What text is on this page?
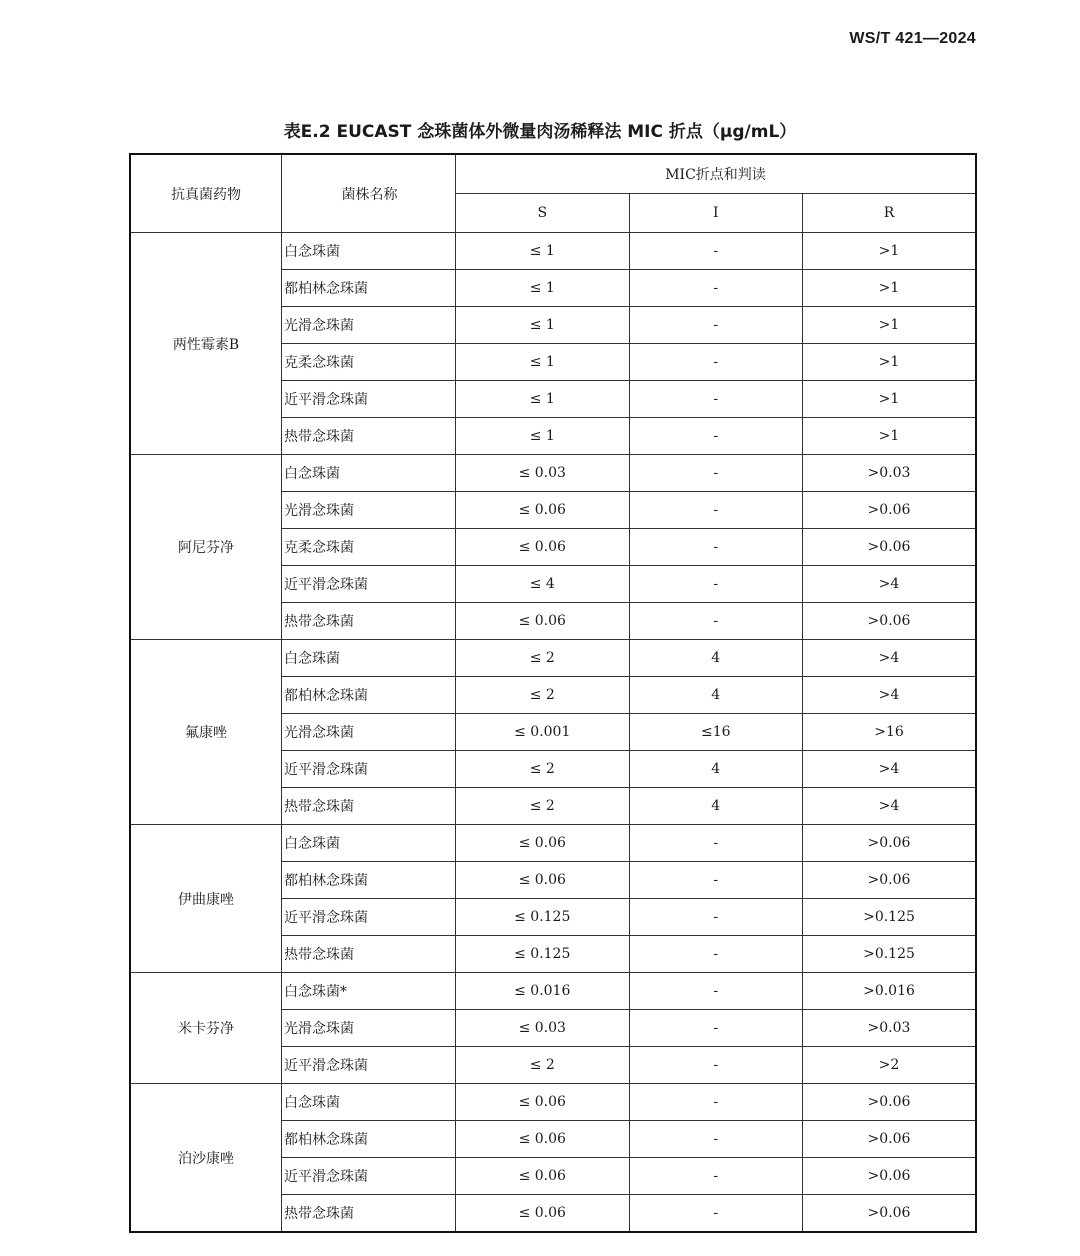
WS/T 421—2024
表E.2 EUCAST 念珠菌体外微量肉汤稀释法 MIC 折点（μg/mL）
抗真菌药物	菌株名称	MIC折点和判读		
		S	I	R
两性霉素B	白念珠菌	≤ 1	-	>1
	都柏林念珠菌	≤ 1	-	>1
	光滑念珠菌	≤ 1	-	>1
	克柔念珠菌	≤ 1	-	>1
	近平滑念珠菌	≤ 1	-	>1
	热带念珠菌	≤ 1	-	>1
阿尼芬净	白念珠菌	≤ 0.03	-	>0.03
	光滑念珠菌	≤ 0.06	-	>0.06
	克柔念珠菌	≤ 0.06	-	>0.06
	近平滑念珠菌	≤ 4	-	>4
	热带念珠菌	≤ 0.06	-	>0.06
氟康唑	白念珠菌	≤ 2	4	>4
	都柏林念珠菌	≤ 2	4	>4
	光滑念珠菌	≤ 0.001	≤16	>16
	近平滑念珠菌	≤ 2	4	>4
	热带念珠菌	≤ 2	4	>4
伊曲康唑	白念珠菌	≤ 0.06	-	>0.06
	都柏林念珠菌	≤ 0.06	-	>0.06
	近平滑念珠菌	≤ 0.125	-	>0.125
	热带念珠菌	≤ 0.125	-	>0.125
米卡芬净	白念珠菌*	≤ 0.016	-	>0.016
	光滑念珠菌	≤ 0.03	-	>0.03
	近平滑念珠菌	≤ 2	-	>2
泊沙康唑	白念珠菌	≤ 0.06	-	>0.06
	都柏林念珠菌	≤ 0.06	-	>0.06
	近平滑念珠菌	≤ 0.06	-	>0.06
	热带念珠菌	≤ 0.06	-	>0.06
